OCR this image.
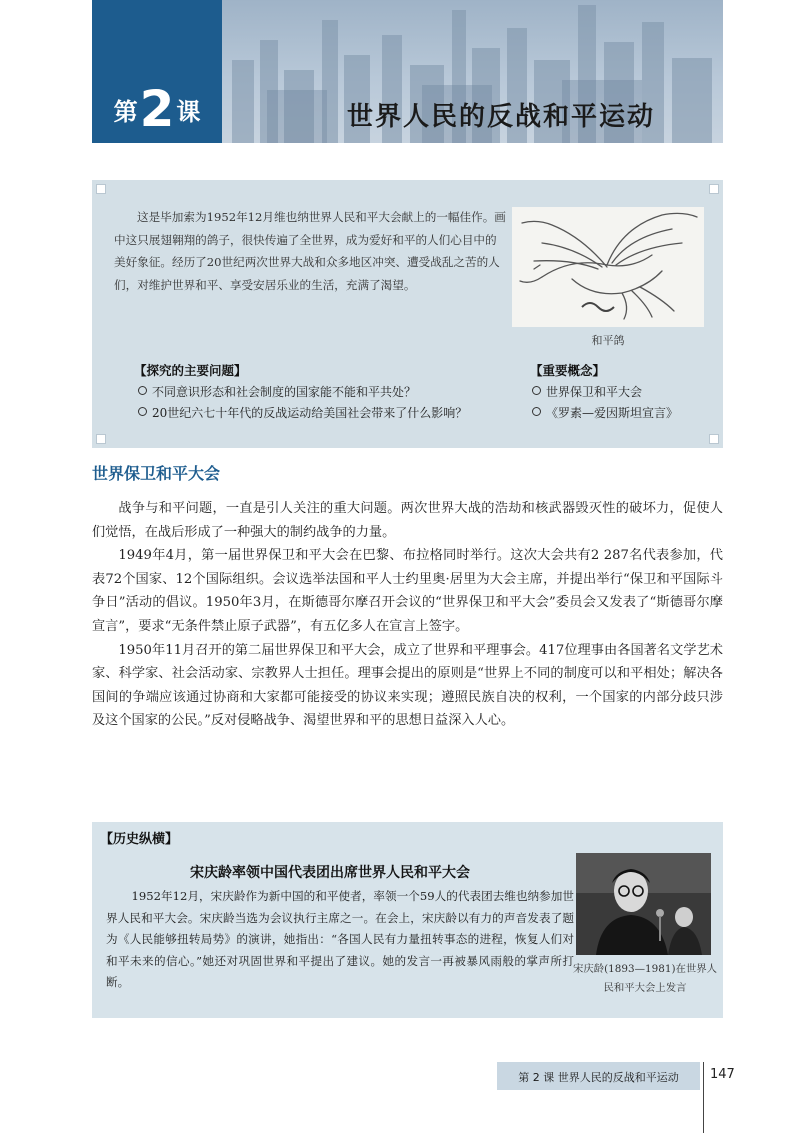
第2课	世界人民的反战和平运动

这是毕加索为1952年12月维也纳世界人民和平大会献上的一幅佳作。画中这只展翅翱翔的鸽子，很快传遍了全世界，成为爱好和平的人们心目中的美好象征。经历了20世纪两次世界大战和众多地区冲突、遭受战乱之苦的人们，对维护世界和平、享受安居乐业的生活，充满了渴望。

和平鸽
【探究的主要问题】
不同意识形态和社会制度的国家能不能和平共处？
20世纪六七十年代的反战运动给美国社会带来了什么影响？
【重要概念】
世界保卫和平大会
《罗素—爱因斯坦宣言》
世界保卫和平大会

战争与和平问题，一直是引人关注的重大问题。两次世界大战的浩劫和核武器毁灭性的破坏力，促使人们觉悟，在战后形成了一种强大的制约战争的力量。

1949年4月，第一届世界保卫和平大会在巴黎、布拉格同时举行。这次大会共有2 287名代表参加，代表72个国家、12个国际组织。会议选举法国和平人士约里奥·居里为大会主席，并提出举行“保卫和平国际斗争日”活动的倡议。1950年3月，在斯德哥尔摩召开会议的“世界保卫和平大会”委员会又发表了“斯德哥尔摩宣言”，要求“无条件禁止原子武器”，有五亿多人在宣言上签字。

1950年11月召开的第二届世界保卫和平大会，成立了世界和平理事会。417位理事由各国著名文学艺术家、科学家、社会活动家、宗教界人士担任。理事会提出的原则是“世界上不同的制度可以和平相处；解决各国间的争端应该通过协商和大家都可能接受的协议来实现；遵照民族自决的权利，一个国家的内部分歧只涉及这个国家的公民。”反对侵略战争、渴望世界和平的思想日益深入人心。

【历史纵横】
宋庆龄率领中国代表团出席世界人民和平大会

1952年12月，宋庆龄作为新中国的和平使者，率领一个59人的代表团去维也纳参加世界人民和平大会。宋庆龄当选为会议执行主席之一。在会上，宋庆龄以有力的声音发表了题为《人民能够扭转局势》的演讲，她指出：“各国人民有力量扭转事态的进程，恢复人们对和平未来的信心。”她还对巩固世界和平提出了建议。她的发言一再被暴风雨般的掌声所打断。

宋庆龄(1893—1981)在世界人民和平大会上发言
第 2 课 世界人民的反战和平运动	147
